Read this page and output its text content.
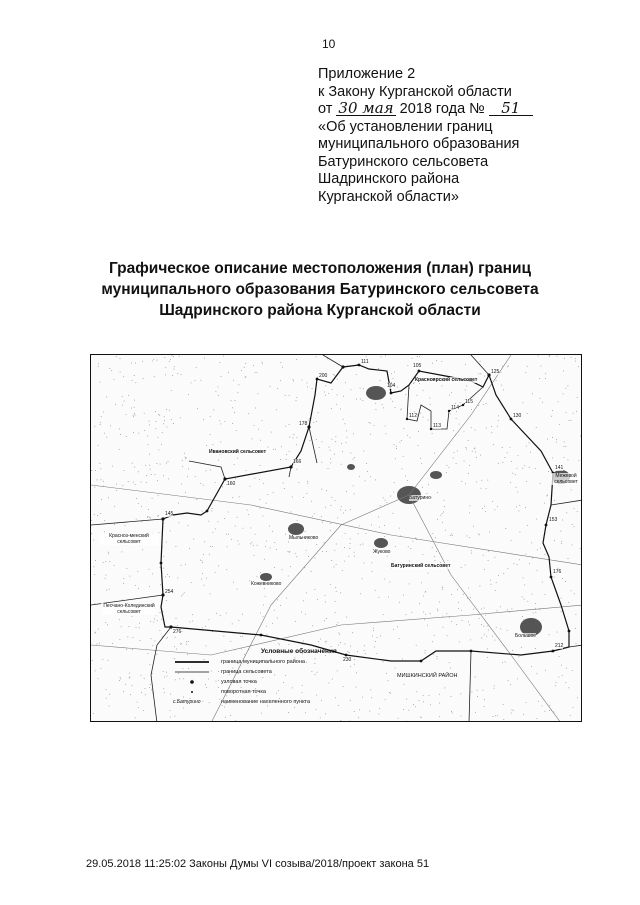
10
Приложение 2
к Закону Курганской области
от 30 мая 2018 года № 51
«Об установлении границ
муниципального образования
Батуринского сельсовета
Шадринского района
Курганской области»
Графическое описание местоположения (план) границ
муниципального образования Батуринского сельсовета
Шадринского района Курганской области
276
230
212
176
153
141
130
125
105
104
111
112
113
114
115
200
178
166
160
145
254
Красноярский сельсовет
Ивановский сельсовет
Красноз-менский сельсовет
Песчано-Колединский сельсовет
Батурино
Батуринский сельсовет
Мыльниково
Жуково
Кожевниково
Большое
Межевой сельсовет
МИШКИНСКИЙ РАЙОН
Условные обозначения
граница муниципального района
граница сельсовета
узловая точка
поворотная точка
с.Батурино	наименование населенного пункта
29.05.2018 11:25:02 Законы Думы VI созыва/2018/проект закона 51
